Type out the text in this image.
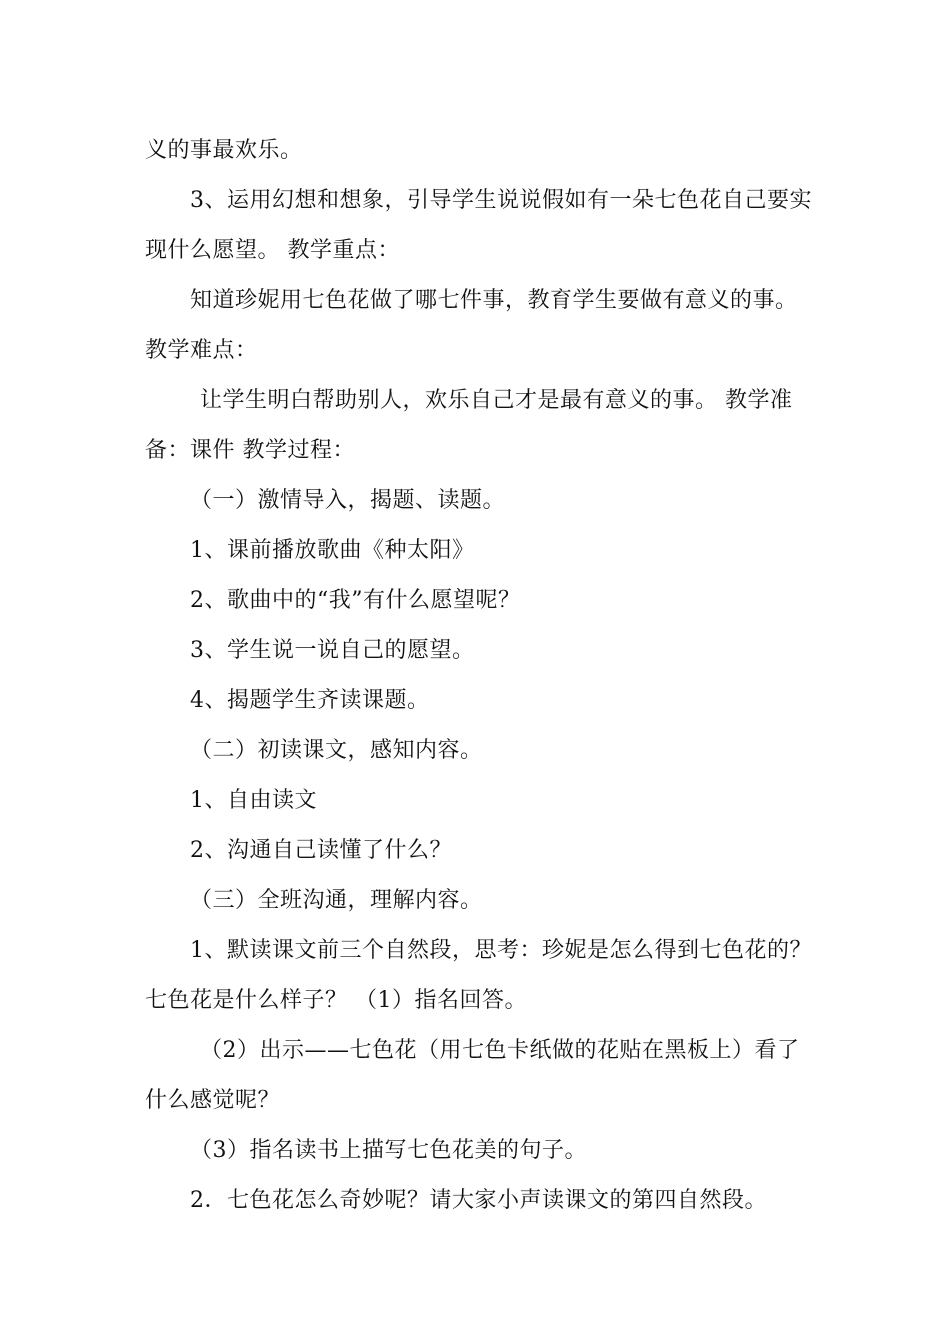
义的事最欢乐。
3、运用幻想和想象，引导学生说说假如有一朵七色花自己要实
现什么愿望。 教学重点：
知道珍妮用七色花做了哪七件事，教育学生要做有意义的事。
教学难点：
让学生明白帮助别人，欢乐自己才是最有意义的事。 教学准
备：课件 教学过程：
（一）激情导入，揭题、读题。
1、课前播放歌曲《种太阳》
2、歌曲中的“我”有什么愿望呢？
3、学生说一说自己的愿望。
4、揭题学生齐读课题。
（二）初读课文，感知内容。
1、自由读文
2、沟通自己读懂了什么？
（三）全班沟通，理解内容。
1、默读课文前三个自然段，思考：珍妮是怎么得到七色花的？
七色花是什么样子？ （1）指名回答。
（2）出示——七色花（用七色卡纸做的花贴在黑板上）看了
什么感觉呢？
（3）指名读书上描写七色花美的句子。
2．七色花怎么奇妙呢？请大家小声读课文的第四自然段。
